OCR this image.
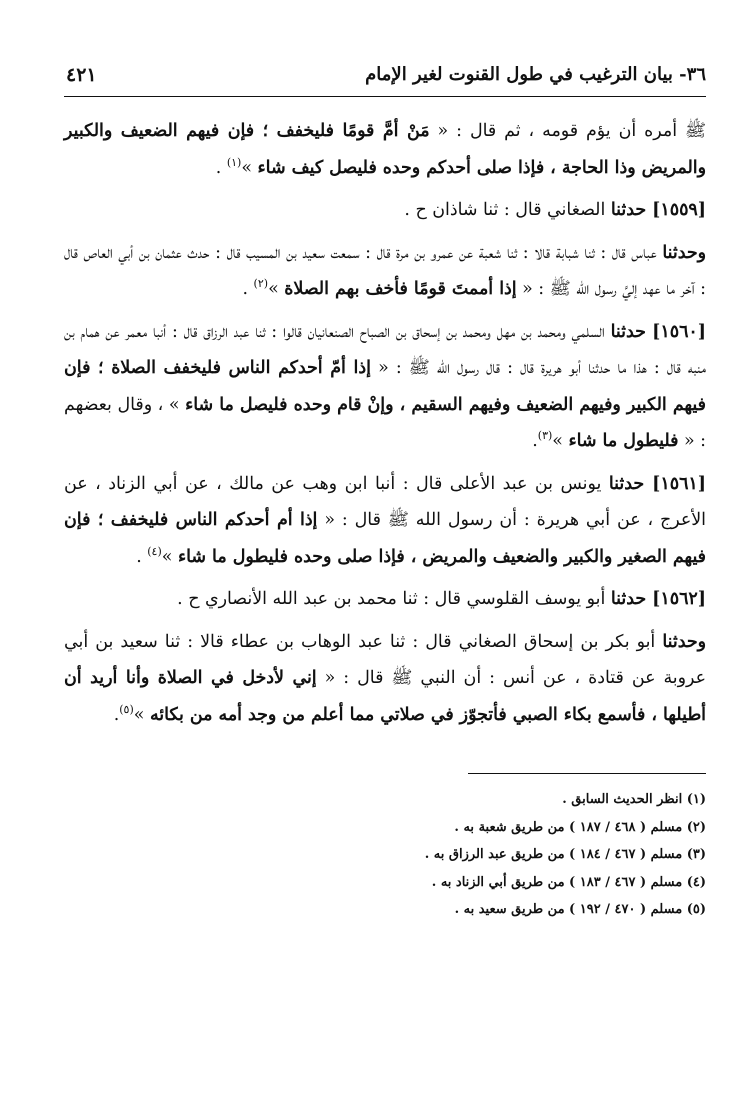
٣٦- بيان الترغيب في طول القنوت لغير الإمام
٤٢١

ﷺ أمره أن يؤم قومه ، ثم قال : « مَنْ أمَّ قومًا فليخفف ؛ فإن فيهم الضعيف والكبير والمريض وذا الحاجة ، فإذا صلى أحدكم وحده فليصل كيف شاء »$^{(١)}$ .

[١٥٥٩] حدثنا الصغاني قال : ثنا شاذان ح .

وحدثنا عباس قال : ثنا شبابة قالا : ثنا شعبة عن عمرو بن مرة قال : سمعت سعيد بن المسيب قال : حدث عثمان بن أبي العاص قال : آخر ما عهد إليَّ رسول الله ﷺ : « إذا أممتَ قومًا فأخف بهم الصلاة »$^{(٢)}$ .

[١٥٦٠] حدثنا السلمي ومحمد بن مهل ومحمد بن إسحاق بن الصباح الصنعانيان قالوا : ثنا عبد الرزاق قال : أنبا معمر عن همام بن منبه قال : هذا ما حدثنا أبو هريرة قال : قال رسول الله ﷺ : « إذا أمّ أحدكم الناس فليخفف الصلاة ؛ فإن فيهم الكبير وفيهم الضعيف وفيهم السقيم ، وإنْ قام وحده فليصل ما شاء » ، وقال بعضهم : « فليطول ما شاء »$^{(٣)}$.

[١٥٦١] حدثنا يونس بن عبد الأعلى قال : أنبا ابن وهب عن مالك ، عن أبي الزناد ، عن الأعرج ، عن أبي هريرة : أن رسول الله ﷺ قال : « إذا أم أحدكم الناس فليخفف ؛ فإن فيهم الصغير والكبير والضعيف والمريض ، فإذا صلى وحده فليطول ما شاء »$^{(٤)}$ .

[١٥٦٢] حدثنا أبو يوسف القلوسي قال : ثنا محمد بن عبد الله الأنصاري ح .

وحدثنا أبو بكر بن إسحاق الصغاني قال : ثنا عبد الوهاب بن عطاء قالا : ثنا سعيد بن أبي عروبة عن قتادة ، عن أنس : أن النبي ﷺ قال : « إني لأدخل في الصلاة وأنا أريد أن أطيلها ، فأسمع بكاء الصبي فأتجوّز في صلاتي مما أعلم من وجد أمه من بكائه »$^{(٥)}$.

(١) انظر الحديث السابق .
(٢) مسلم ( ٤٦٨ / ١٨٧ ) من طريق شعبة به .
(٣) مسلم ( ٤٦٧ / ١٨٤ ) من طريق عبد الرزاق به .
(٤) مسلم ( ٤٦٧ / ١٨٣ ) من طريق أبي الزناد به .
(٥) مسلم ( ٤٧٠ / ١٩٢ ) من طريق سعيد به .
